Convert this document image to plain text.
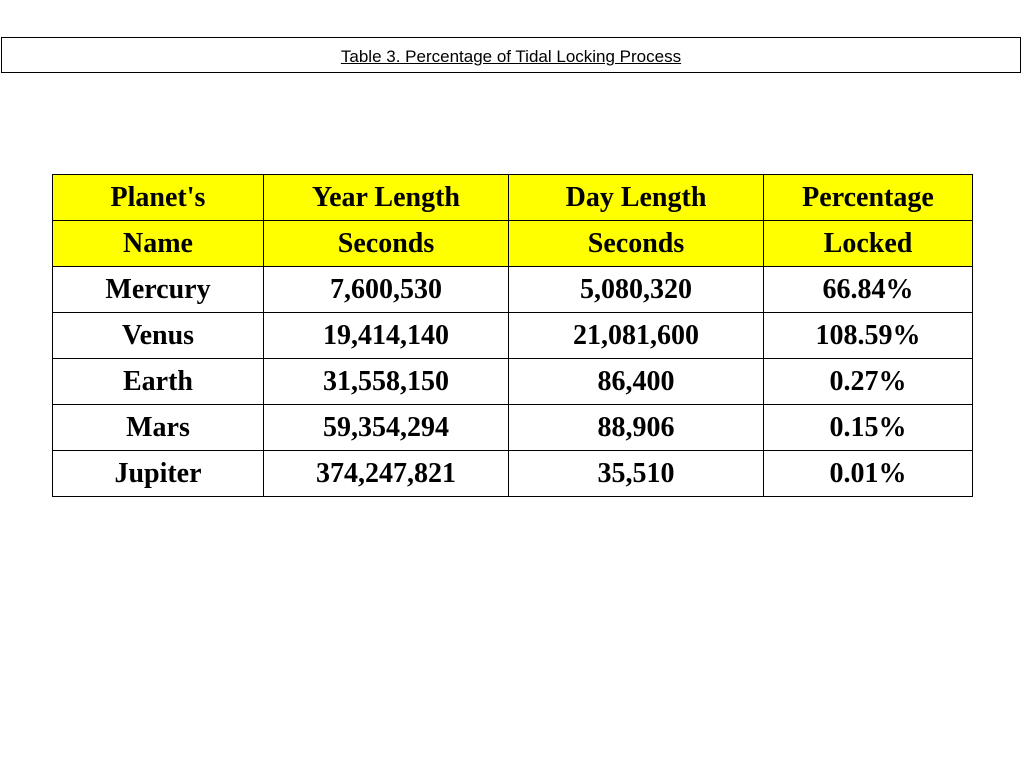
Table 3. Percentage of Tidal Locking Process
Planet's	Year Length	Day Length	Percentage
Name	Seconds	Seconds	Locked
Mercury	7,600,530	5,080,320	66.84%
Venus	19,414,140	21,081,600	108.59%
Earth	31,558,150	86,400	0.27%
Mars	59,354,294	88,906	0.15%
Jupiter	374,247,821	35,510	0.01%
